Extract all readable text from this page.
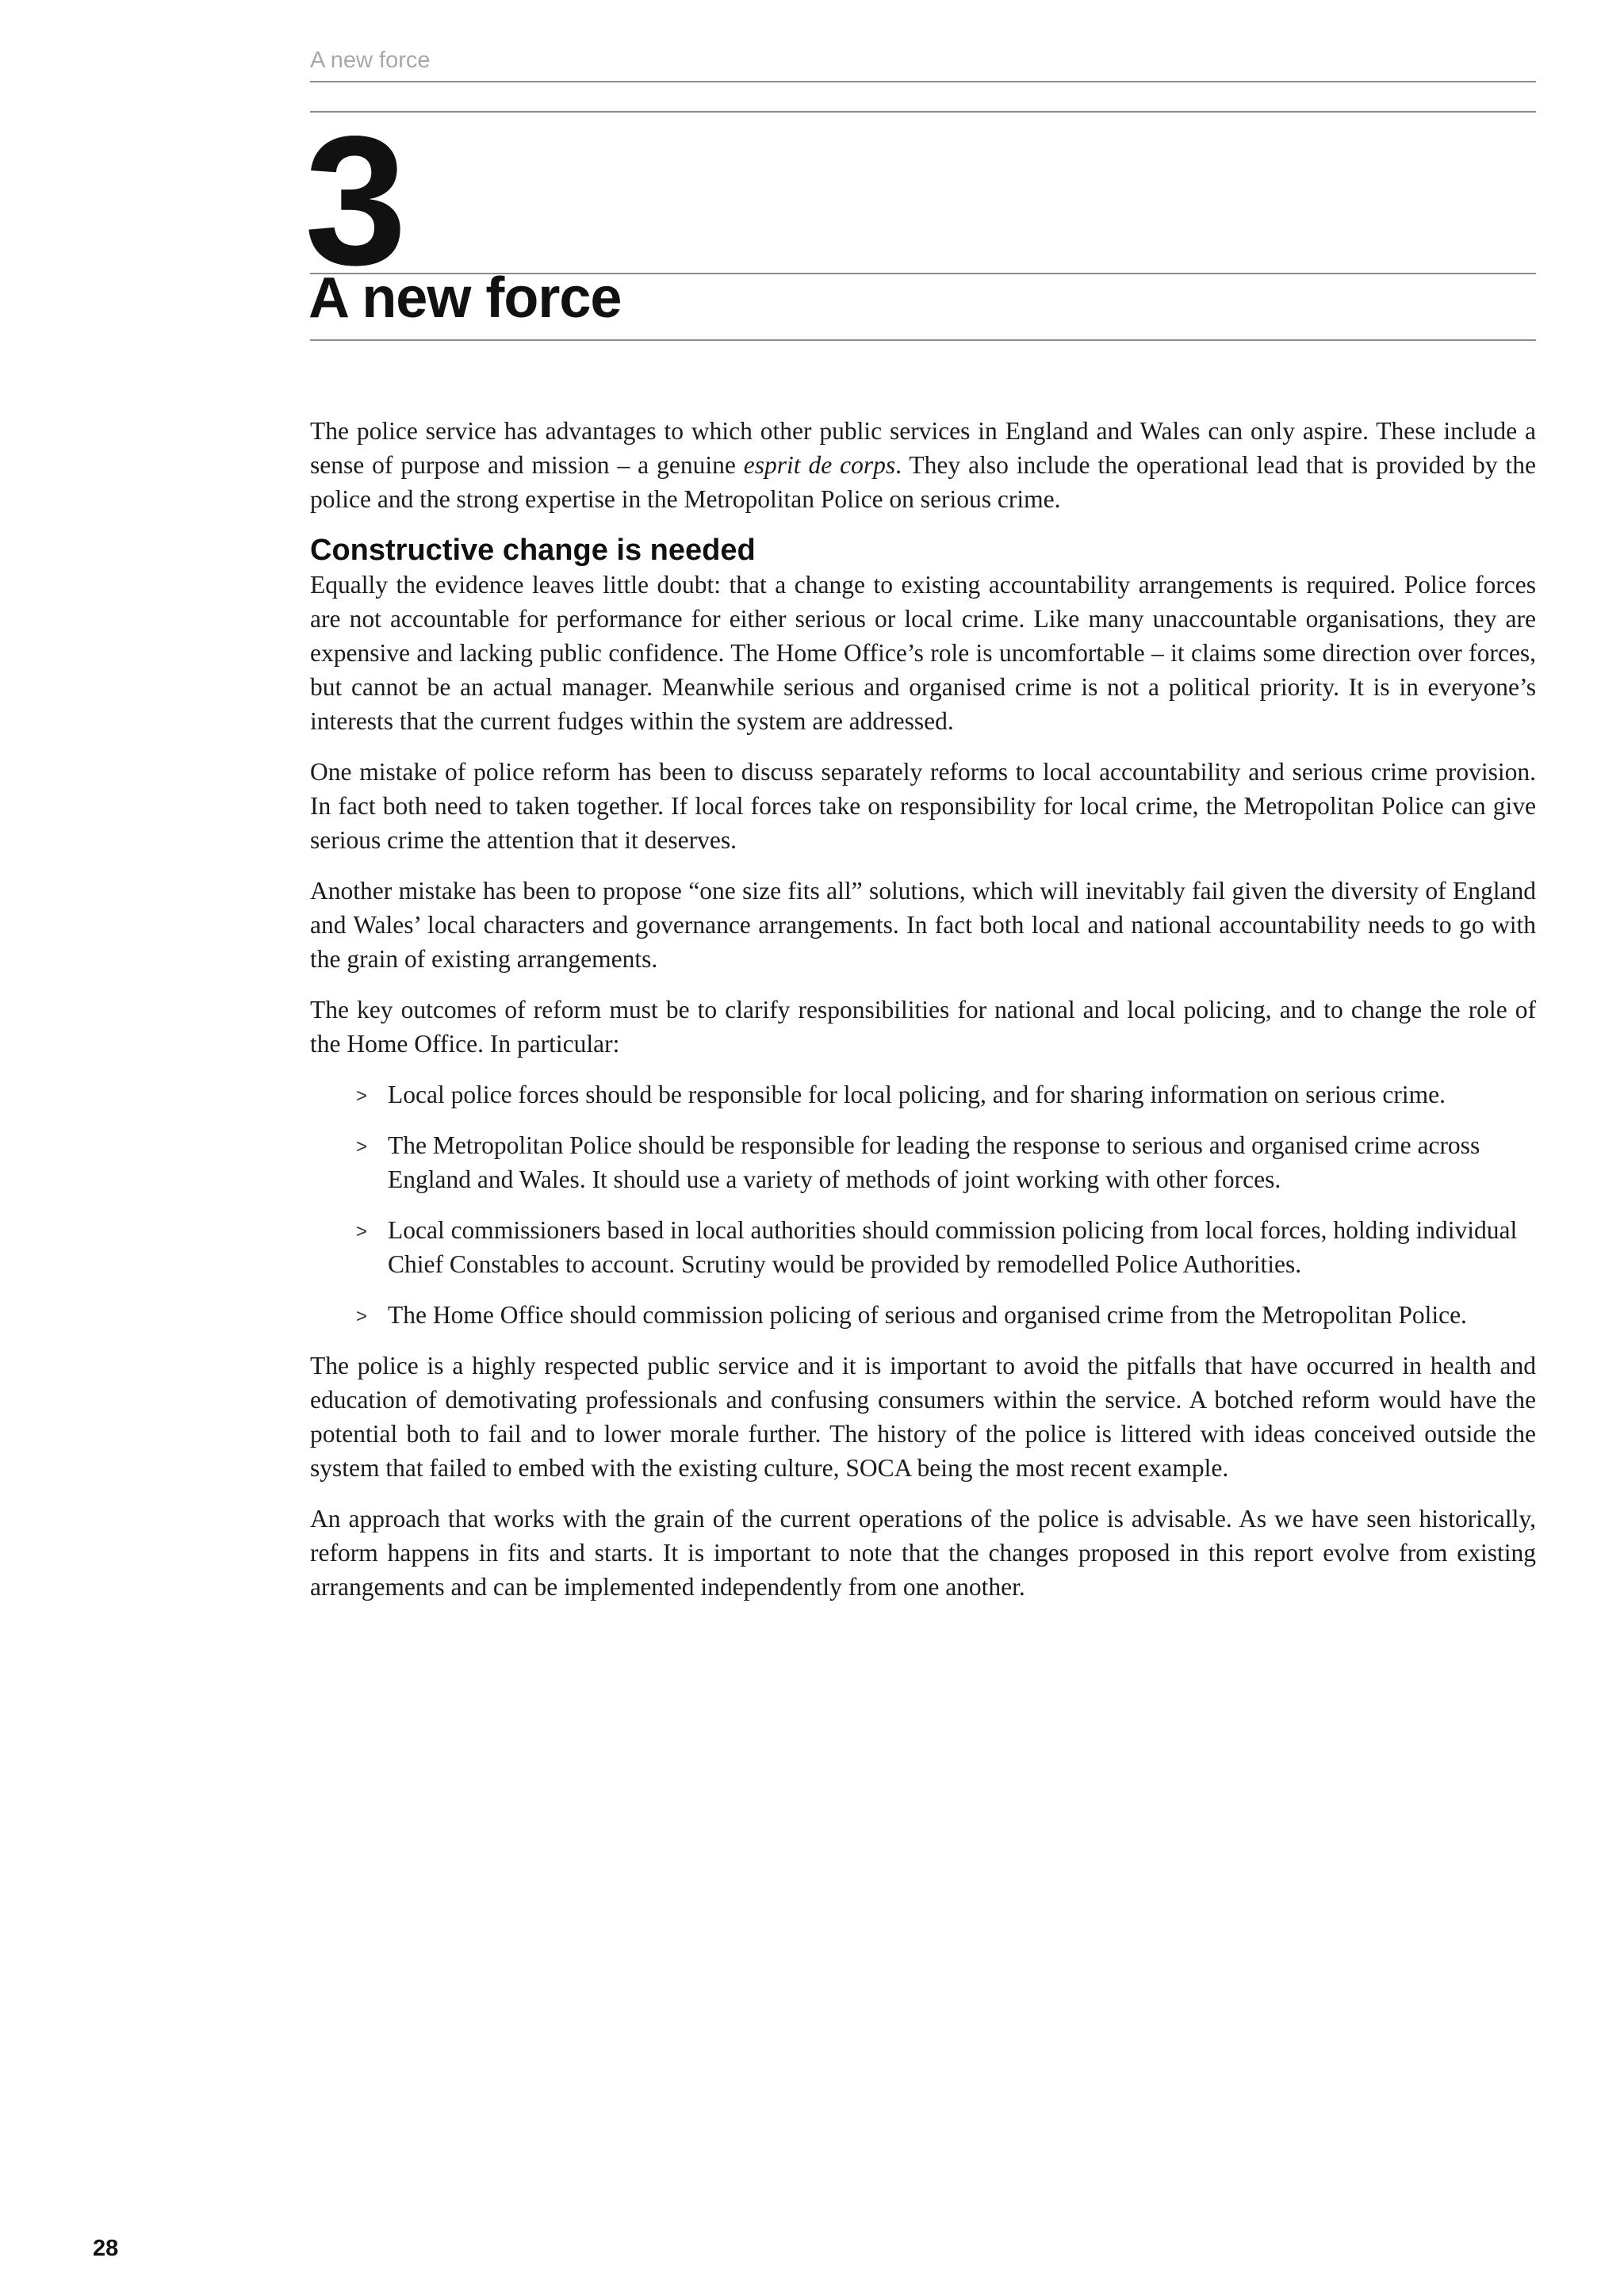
A new force
3
A new force

The police service has advantages to which other public services in England and Wales can only aspire. These include a sense of purpose and mission – a genuine esprit de corps. They also include the operational lead that is provided by the police and the strong expertise in the Metropolitan Police on serious crime.

Constructive change is needed

Equally the evidence leaves little doubt: that a change to existing accountability arrangements is required. Police forces are not accountable for performance for either serious or local crime. Like many unaccountable organisations, they are expensive and lacking public confidence. The Home Office’s role is uncomfortable – it claims some direction over forces, but cannot be an actual manager. Meanwhile serious and organised crime is not a political priority. It is in everyone’s interests that the current fudges within the system are addressed.

One mistake of police reform has been to discuss separately reforms to local accountability and serious crime provision. In fact both need to taken together. If local forces take on responsibility for local crime, the Metropolitan Police can give serious crime the attention that it deserves.

Another mistake has been to propose “one size fits all” solutions, which will inevitably fail given the diversity of England and Wales’ local characters and governance arrangements. In fact both local and national accountability needs to go with the grain of existing arrangements.

The key outcomes of reform must be to clarify responsibilities for national and local policing, and to change the role of the Home Office. In particular:

> Local police forces should be responsible for local policing, and for sharing information on serious crime.
> The Metropolitan Police should be responsible for leading the response to serious and organised crime across England and Wales. It should use a variety of methods of joint working with other forces.
> Local commissioners based in local authorities should commission policing from local forces, holding individual Chief Constables to account. Scrutiny would be provided by remodelled Police Authorities.
> The Home Office should commission policing of serious and organised crime from the Metropolitan Police.

The police is a highly respected public service and it is important to avoid the pitfalls that have occurred in health and education of demotivating professionals and confusing consumers within the service. A botched reform would have the potential both to fail and to lower morale further. The history of the police is littered with ideas conceived outside the system that failed to embed with the existing culture, SOCA being the most recent example.

An approach that works with the grain of the current operations of the police is advisable. As we have seen historically, reform happens in fits and starts. It is important to note that the changes proposed in this report evolve from existing arrangements and can be implemented independently from one another.

28
